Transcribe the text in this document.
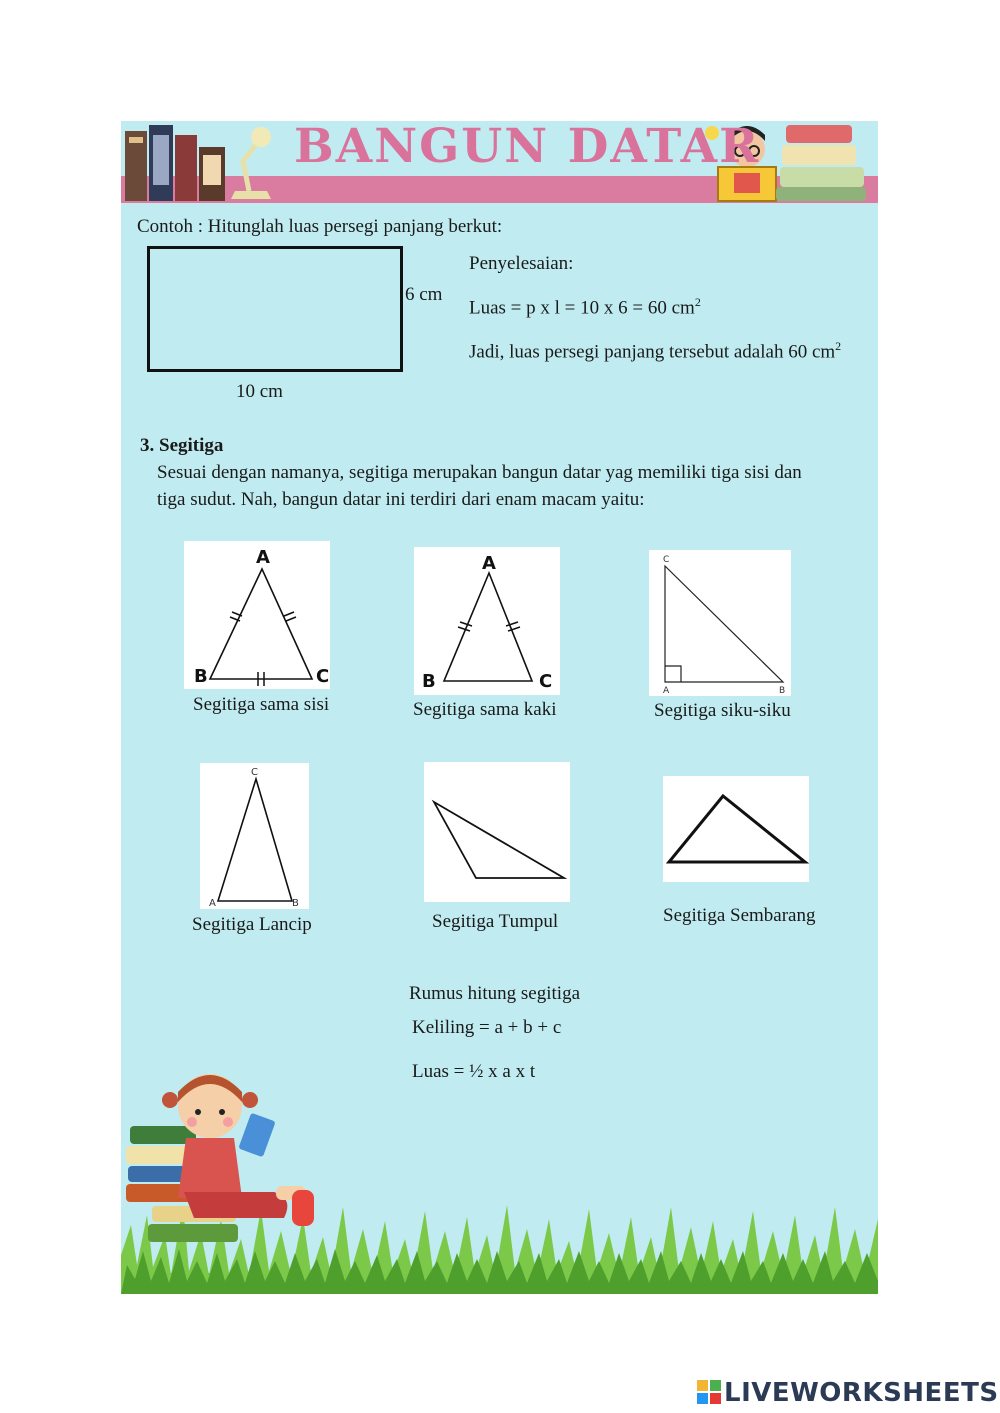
BANGUN DATAR
Contoh : Hitunglah luas persegi panjang berkut:
6 cm
10 cm
Penyelesaian:
Luas = p x l = 10 x 6 = 60 $cm^2$
Jadi, luas persegi panjang tersebut adalah 60 $cm^2$
3. Segitiga
Sesuai dengan namanya, segitiga merupakan bangun datar yag memiliki tiga sisi dan
tiga sudut. Nah, bangun datar ini terdiri dari enam macam yaitu:
A
B	C
Segitiga sama sisi
A
B	C
Segitiga sama kaki
C
A	B
Segitiga siku-siku
C
A	B
Segitiga Lancip	Segitiga Tumpul	Segitiga Sembarang
Rumus hitung segitiga
Keliling = a + b + c
Luas = ½ x a x t
LIVEWORKSHEETS
